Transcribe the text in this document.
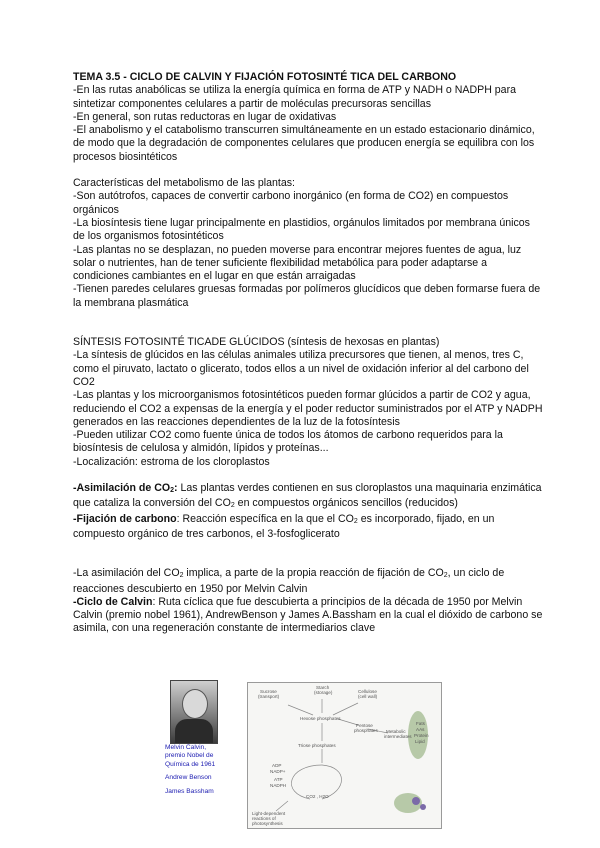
TEMA 3.5 - CICLO DE CALVIN Y FIJACIÓN FOTOSINTÉ TICA DEL CARBONO

-En las rutas anabólicas se utiliza la energía química en forma de ATP y NADH o NADPH para sintetizar componentes celulares a partir de moléculas precursoras sencillas

-En general, son rutas reductoras en lugar de oxidativas

-El anabolismo y el catabolismo transcurren simultáneamente en un estado estacionario dinámico, de modo que la degradación de componentes celulares que producen energía se equilibra con los procesos biosintéticos

Características del metabolismo de las plantas:

-Son autótrofos, capaces de convertir carbono inorgánico (en forma de CO2) en compuestos orgánicos

-La biosíntesis tiene lugar principalmente en plastidios, orgánulos limitados por membrana únicos de los organismos fotosintéticos

-Las plantas no se desplazan, no pueden moverse para encontrar mejores fuentes de agua, luz solar o nutrientes, han de tener suficiente flexibilidad metabólica para poder adaptarse a condiciones cambiantes en el lugar en que están arraigadas

-Tienen paredes celulares gruesas formadas por polímeros glucídicos que deben formarse fuera de la membrana plasmática

SÍNTESIS FOTOSINTÉ TICADE GLÚCIDOS (síntesis de hexosas en plantas)

-La síntesis de glúcidos en las células animales utiliza precursores que tienen, al menos, tres C, como el piruvato, lactato o glicerato, todos ellos a un nivel de oxidación inferior al del carbono del CO2

-Las plantas y los microorganismos fotosintéticos pueden formar glúcidos a partir de CO2 y agua, reduciendo el CO2 a expensas de la energía y el poder reductor suministrados por el ATP y NADPH generados en las reacciones dependientes de la luz de la fotosíntesis

-Pueden utilizar CO2 como fuente única de todos los átomos de carbono requeridos para la biosíntesis de celulosa y almidón, lípidos y proteínas...

-Localización: estroma de los cloroplastos

-Asimilación de CO2: Las plantas verdes contienen en sus cloroplastos una maquinaria enzimática que cataliza la conversión del CO2 en compuestos orgánicos sencillos (reducidos)

-Fijación de carbono: Reacción específica en la que el CO2 es incorporado, fijado, en un compuesto orgánico de tres carbonos, el 3-fosfoglicerato

-La asimilación del CO2 implica, a parte de la propia reacción de fijación de CO2, un ciclo de reacciones descubierto en 1950 por Melvin Calvin

-Ciclo de Calvin: Ruta cíclica que fue descubierta a principios de la década de 1950 por Melvin Calvin (premio nobel 1961), AndrewBenson y James A.Bassham en la cual el dióxido de carbono se asimila, con una regeneración constante de intermediarios clave

Melvin Calvin,
premio Nobel de
Química de 1961
Andrew Benson
James Bassham
Sucrose
(transport)
Starch
(storage)	Cellulose
(cell wall)
Hexose phosphates
Pentose
phosphates Metabolic
intermediates
Fats
AAs
Protein
Lipid
Triose phosphates
ADP
NADP+
ATP
NADPH
CO2 , H2O
Light-dependent
reactions of
photosynthesis
